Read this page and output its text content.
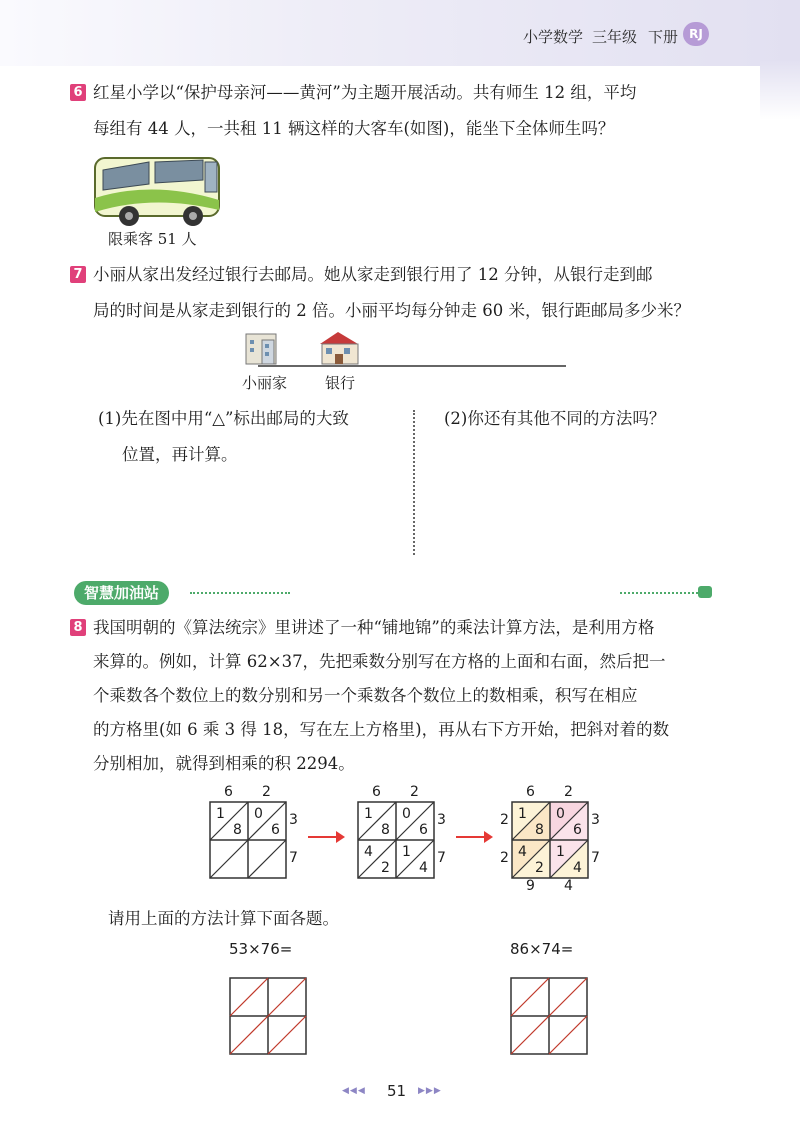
小学数学 三年级 下册 RJ
6 红星小学以“保护母亲河——黄河”为主题开展活动。共有师生 12 组，平均
每组有 44 人，一共租 11 辆这样的大客车(如图)，能坐下全体师生吗？
限乘客 51 人
7 小丽从家出发经过银行去邮局。她从家走到银行用了 12 分钟，从银行走到邮
局的时间是从家走到银行的 2 倍。小丽平均每分钟走 60 米，银行距邮局多少米？
小丽家	银行
(1)先在图中用“△”标出邮局的大致
位置，再计算。
(2)你还有其他不同的方法吗？
智慧加油站
8 我国明朝的《算法统宗》里讲述了一种“铺地锦”的乘法计算方法，是利用方格
来算的。例如，计算 62×37，先把乘数分别写在方格的上面和右面，然后把一
个乘数各个数位上的数分别和另一个乘数各个数位上的数相乘，积写在相应
的方格里(如 6 乘 3 得 18，写在左上方格里)，再从右下方开始，把斜对着的数
分别相加，就得到相乘的积 2294。
6 2
3
7
1
8
0
6
6 2
3
7
1
8
0
6
4
2
1
4
6 2
3
7
2
2
9 4
1
8
0
6
4
2
1
4
请用上面的方法计算下面各题。
53×76=	86×74=
◀◀◀ 51 ▶▶▶
